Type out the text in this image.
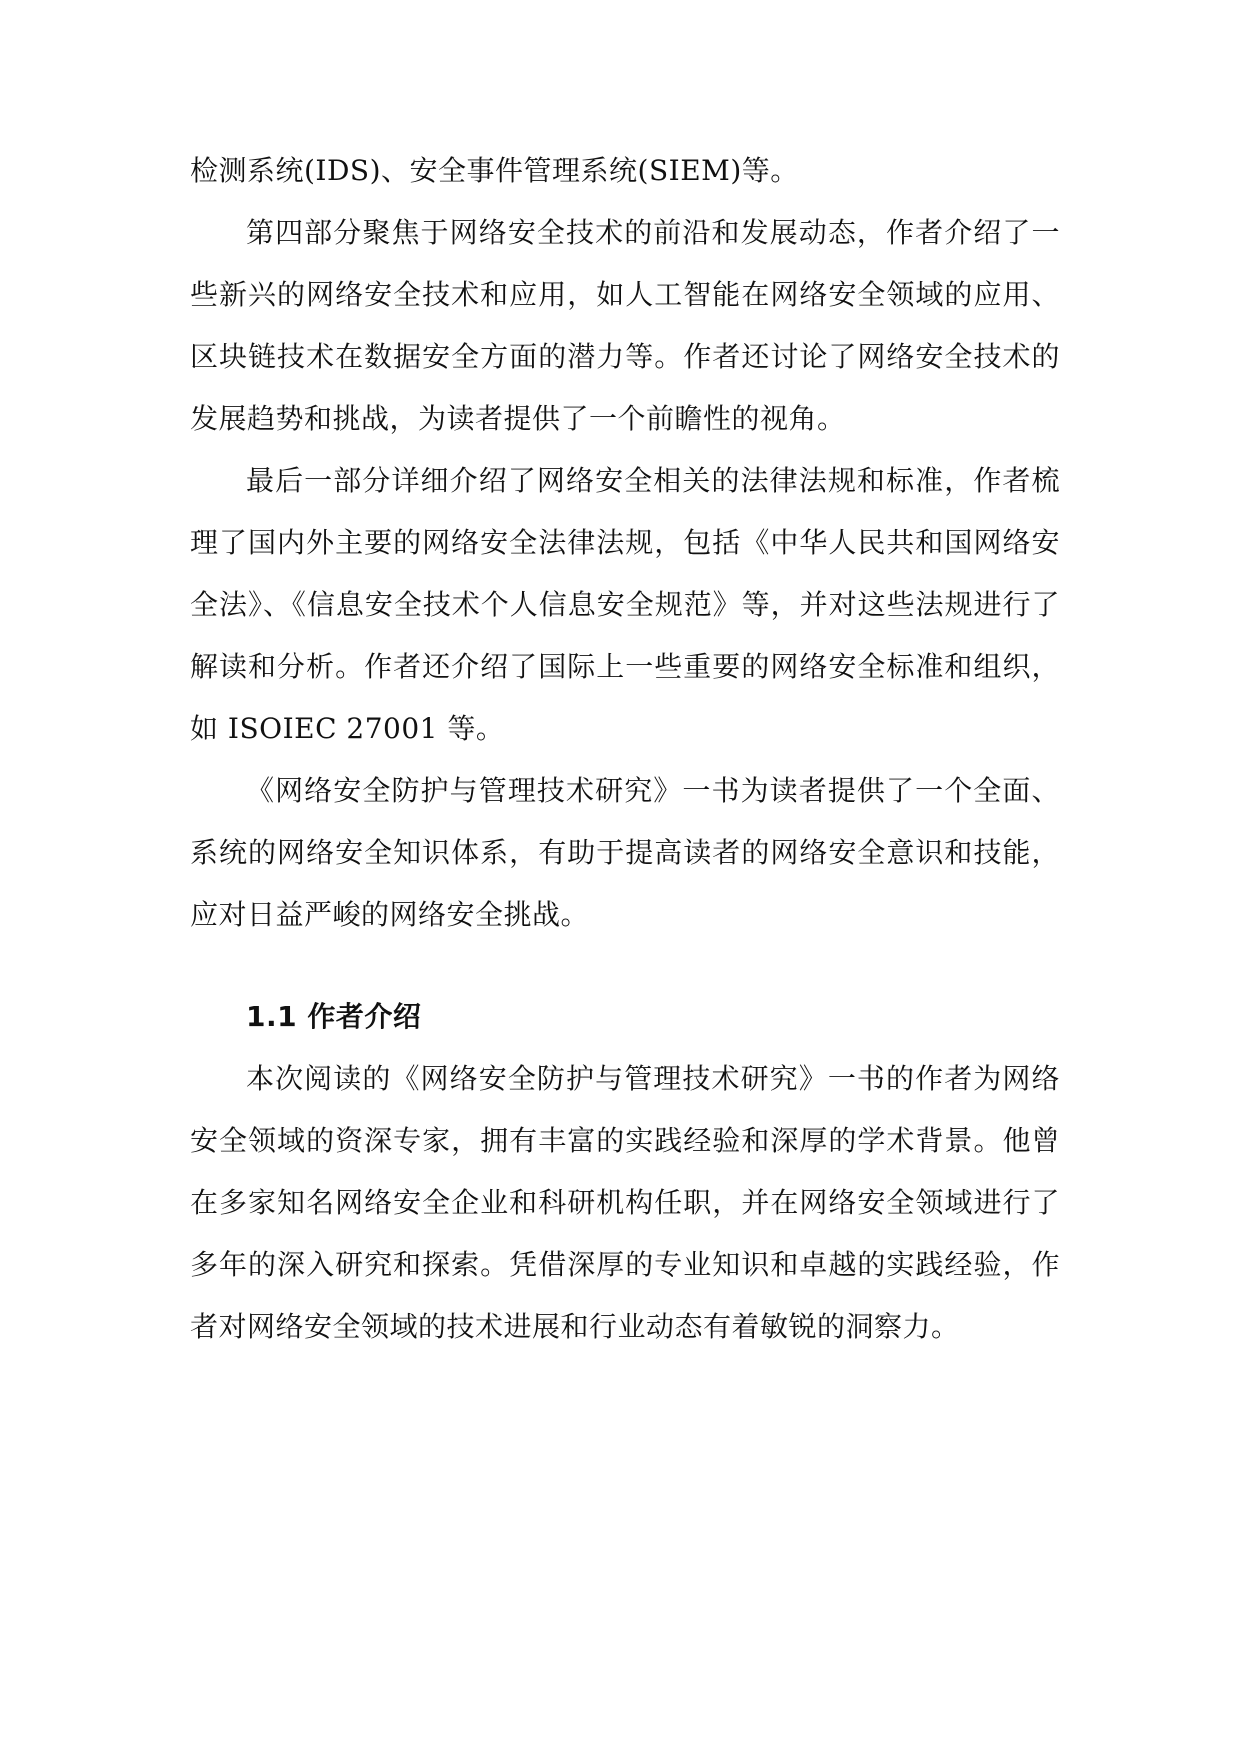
检测系统(IDS)、安全事件管理系统(SIEM)等。

第四部分聚焦于网络安全技术的前沿和发展动态，作者介绍了一些新兴的网络安全技术和应用，如人工智能在网络安全领域的应用、区块链技术在数据安全方面的潜力等。作者还讨论了网络安全技术的发展趋势和挑战，为读者提供了一个前瞻性的视角。

最后一部分详细介绍了网络安全相关的法律法规和标准，作者梳理了国内外主要的网络安全法律法规，包括《中华人民共和国网络安全法》、《信息安全技术个人信息安全规范》等，并对这些法规进行了解读和分析。作者还介绍了国际上一些重要的网络安全标准和组织，如 ISOIEC 27001 等。

《网络安全防护与管理技术研究》一书为读者提供了一个全面、系统的网络安全知识体系，有助于提高读者的网络安全意识和技能，应对日益严峻的网络安全挑战。

1.1 作者介绍

本次阅读的《网络安全防护与管理技术研究》一书的作者为网络安全领域的资深专家，拥有丰富的实践经验和深厚的学术背景。他曾在多家知名网络安全企业和科研机构任职，并在网络安全领域进行了多年的深入研究和探索。凭借深厚的专业知识和卓越的实践经验，作者对网络安全领域的技术进展和行业动态有着敏锐的洞察力。
